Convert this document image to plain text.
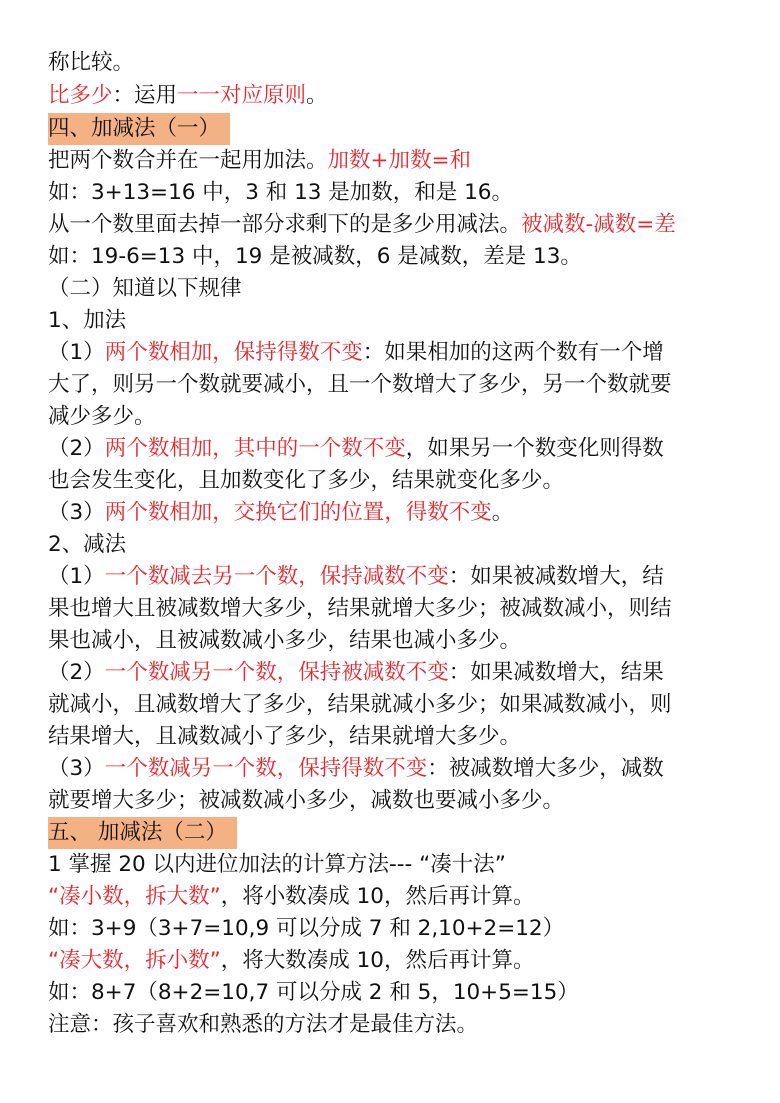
称比较。
比多少：运用一一对应原则。
四、加减法（一）
把两个数合并在一起用加法。加数+加数=和
如：3+13=16 中，3 和 13 是加数，和是 16。
从一个数里面去掉一部分求剩下的是多少用减法。被减数-减数=差
如：19-6=13 中，19 是被减数，6 是减数，差是 13。
（二）知道以下规律
1、加法
（1）两个数相加，保持得数不变：如果相加的这两个数有一个增
大了，则另一个数就要减小，且一个数增大了多少，另一个数就要
减少多少。
（2）两个数相加，其中的一个数不变，如果另一个数变化则得数
也会发生变化，且加数变化了多少，结果就变化多少。
（3）两个数相加，交换它们的位置，得数不变。
2、减法
（1）一个数减去另一个数，保持减数不变：如果被减数增大，结
果也增大且被减数增大多少，结果就增大多少；被减数减小，则结
果也减小，且被减数减小多少，结果也减小多少。
（2）一个数减另一个数，保持被减数不变：如果减数增大，结果
就减小，且减数增大了多少，结果就减小多少；如果减数减小，则
结果增大，且减数减小了多少，结果就增大多少。
（3）一个数减另一个数，保持得数不变：被减数增大多少，减数
就要增大多少；被减数减小多少，减数也要减小多少。
五、 加减法（二）
1 掌握 20 以内进位加法的计算方法--- “凑十法”
“凑小数，拆大数”，将小数凑成 10，然后再计算。
如：3+9（3+7=10,9 可以分成 7 和 2,10+2=12）
“凑大数，拆小数”，将大数凑成 10，然后再计算。
如：8+7（8+2=10,7 可以分成 2 和 5，10+5=15）
注意：孩子喜欢和熟悉的方法才是最佳方法。
